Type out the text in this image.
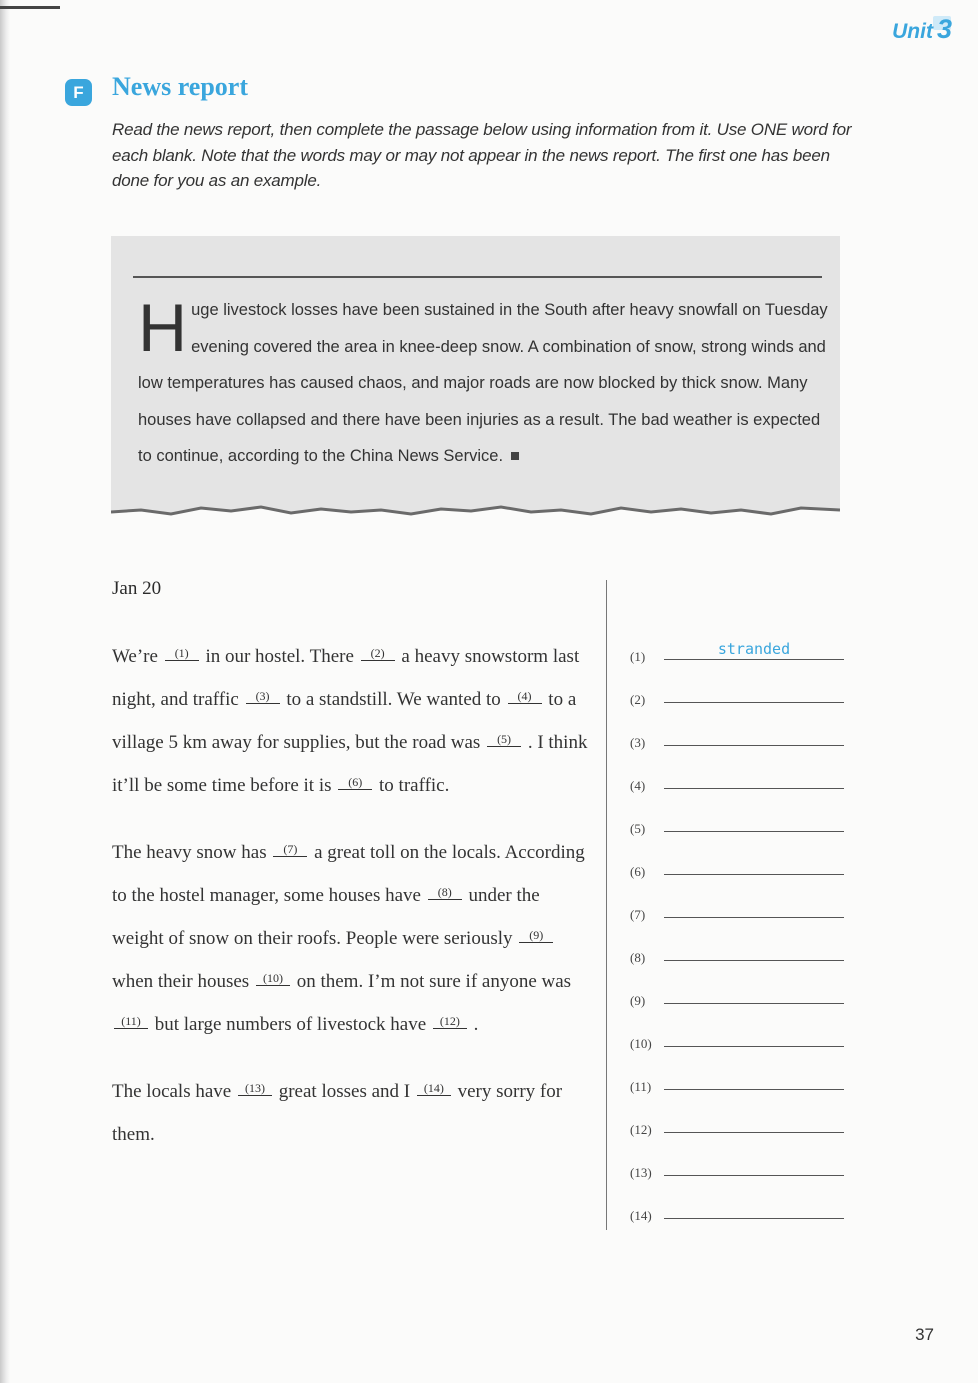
Unit 3
F	News report
Read the news report, then complete the passage below using information from it. Use ONE word for each blank. Note that the words may or may not appear in the news report. The first one has been done for you as an example.
Huge livestock losses have been sustained in the South after heavy snowfall on Tuesday evening covered the area in knee-deep snow. A combination of snow, strong winds and low temperatures has caused chaos, and major roads are now blocked by thick snow. Many houses have collapsed and there have been injuries as a result. The bad weather is expected to continue, according to the China News Service.
Jan 20

We’re (1) in our hostel. There (2) a heavy snowstorm last night, and traffic (3) to a standstill. We wanted to (4) to a village 5 km away for supplies, but the road was (5) . I think it’ll be some time before it is (6) to traffic.

The heavy snow has (7) a great toll on the locals. According to the hostel manager, some houses have (8) under the weight of snow on their roofs. People were seriously (9) when their houses (10) on them. I’m not sure if anyone was (11) but large numbers of livestock have (12) .

The locals have (13) great losses and I (14) very sorry for them.

(1)	stranded
(2)
(3)
(4)
(5)
(6)
(7)
(8)
(9)
(10)
(11)
(12)
(13)
(14)
37
